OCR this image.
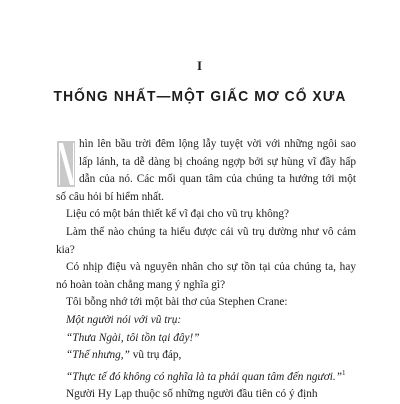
I
THỐNG NHẤT—MỘT GIẤC MƠ CỔ XƯA

hìn lên bầu trời đêm lộng lẫy tuyệt vời với những ngôi sao lấp lánh, ta dễ dàng bị choáng ngợp bởi sự hùng vĩ đầy hấp dẫn của nó. Các mối quan tâm của chúng ta hướng tới một số câu hỏi bí hiểm nhất.

Liệu có một bản thiết kế vĩ đại cho vũ trụ không?

Làm thế nào chúng ta hiểu được cái vũ trụ dường như vô cảm kia?

Có nhịp điệu và nguyên nhân cho sự tồn tại của chúng ta, hay nó hoàn toàn chẳng mang ý nghĩa gì?

Tôi bỗng nhớ tới một bài thơ của Stephen Crane:

Một người nói với vũ trụ:

“Thưa Ngài, tôi tồn tại đây!”

“Thế nhưng,” vũ trụ đáp,

“Thực tế đó không có nghĩa là ta phải quan tâm đến ngươi.”$^1$

Người Hy Lạp thuộc số những người đầu tiên có ý định
